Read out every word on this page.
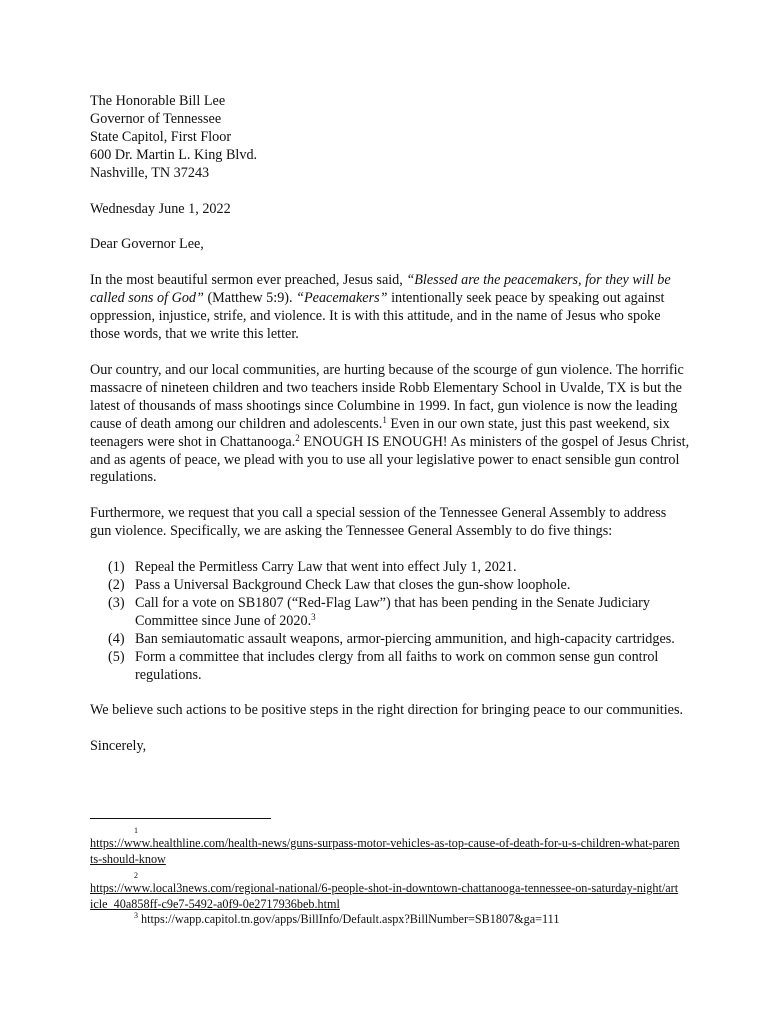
The Honorable Bill Lee

Governor of Tennessee

State Capitol, First Floor

600 Dr. Martin L. King Blvd.

Nashville, TN 37243

Wednesday June 1, 2022

Dear Governor Lee,

In the most beautiful sermon ever preached, Jesus said, “Blessed are the peacemakers, for they will be called sons of God” (Matthew 5:9). “Peacemakers” intentionally seek peace by speaking out against oppression, injustice, strife, and violence. It is with this attitude, and in the name of Jesus who spoke those words, that we write this letter.

Our country, and our local communities, are hurting because of the scourge of gun violence. The horrific massacre of nineteen children and two teachers inside Robb Elementary School in Uvalde, TX is but the latest of thousands of mass shootings since Columbine in 1999. In fact, gun violence is now the leading cause of death among our children and adolescents.$^1$ Even in our own state, just this past weekend, six teenagers were shot in Chattanooga.$^2$ ENOUGH IS ENOUGH! As ministers of the gospel of Jesus Christ, and as agents of peace, we plead with you to use all your legislative power to enact sensible gun control regulations.

Furthermore, we request that you call a special session of the Tennessee General Assembly to address gun violence. Specifically, we are asking the Tennessee General Assembly to do five things:

(1) Repeal the Permitless Carry Law that went into effect July 1, 2021.
(2) Pass a Universal Background Check Law that closes the gun-show loophole.
(3) Call for a vote on SB1807 (“Red-Flag Law”) that has been pending in the Senate Judiciary Committee since June of 2020.$^3$
(4) Ban semiautomatic assault weapons, armor-piercing ammunition, and high-capacity cartridges.
(5) Form a committee that includes clergy from all faiths to work on common sense gun control regulations.

We believe such actions to be positive steps in the right direction for bringing peace to our communities.

Sincerely,

1
https://www.healthline.com/health-news/guns-surpass-motor-vehicles-as-top-cause-of-death-for-u-s-children-what-parents-should-know
2
https://www.local3news.com/regional-national/6-people-shot-in-downtown-chattanooga-tennessee-on-saturday-night/article_40a858ff-c9e7-5492-a0f9-0e2717936beb.html
$^3$ https://wapp.capitol.tn.gov/apps/BillInfo/Default.aspx?BillNumber=SB1807&ga=111
